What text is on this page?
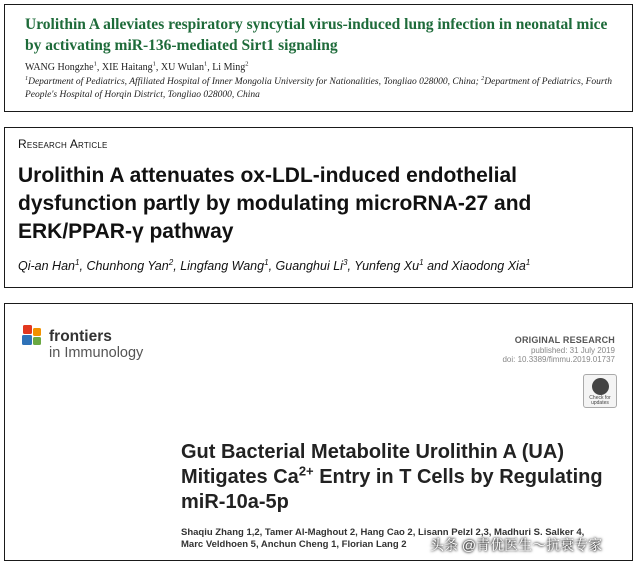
Urolithin A alleviates respiratory syncytial virus-induced lung infection in neonatal mice by activating miR-136-mediated Sirt1 signaling
WANG Hongzhe$^1$, XIE Haitang$^1$, XU Wulan$^1$, Li Ming$^2$
$^1$Department of Pediatrics, Affiliated Hospital of Inner Mongolia University for Nationalities, Tongliao 028000, China; $^2$Department of Pediatrics, Fourth People's Hospital of Horqin District, Tongliao 028000, China
Research Article
Urolithin A attenuates ox-LDL-induced endothelial dysfunction partly by modulating microRNA-27 and ERK/PPAR-γ pathway
Qi-an Han$^1$, Chunhong Yan$^2$, Lingfang Wang$^1$, Guanghui Li$^3$, Yunfeng Xu$^1$ and Xiaodong Xia$^1$
frontiers
in Immunology
ORIGINAL RESEARCH
published: 31 July 2019
doi: 10.3389/fimmu.2019.01737
Check for updates
Gut Bacterial Metabolite Urolithin A (UA) Mitigates $Ca^{2+}$ Entry in T Cells by Regulating miR-10a-5p
Shaqiu Zhang 1,2, Tamer Al-Maghout 2, Hang Cao 2, Lisann Pelzl 2,3, Madhuri S. Salker 4,
Marc Veldhoen 5, Anchun Cheng 1, Florian Lang 2	头条 @青优医生～抗衰专家
